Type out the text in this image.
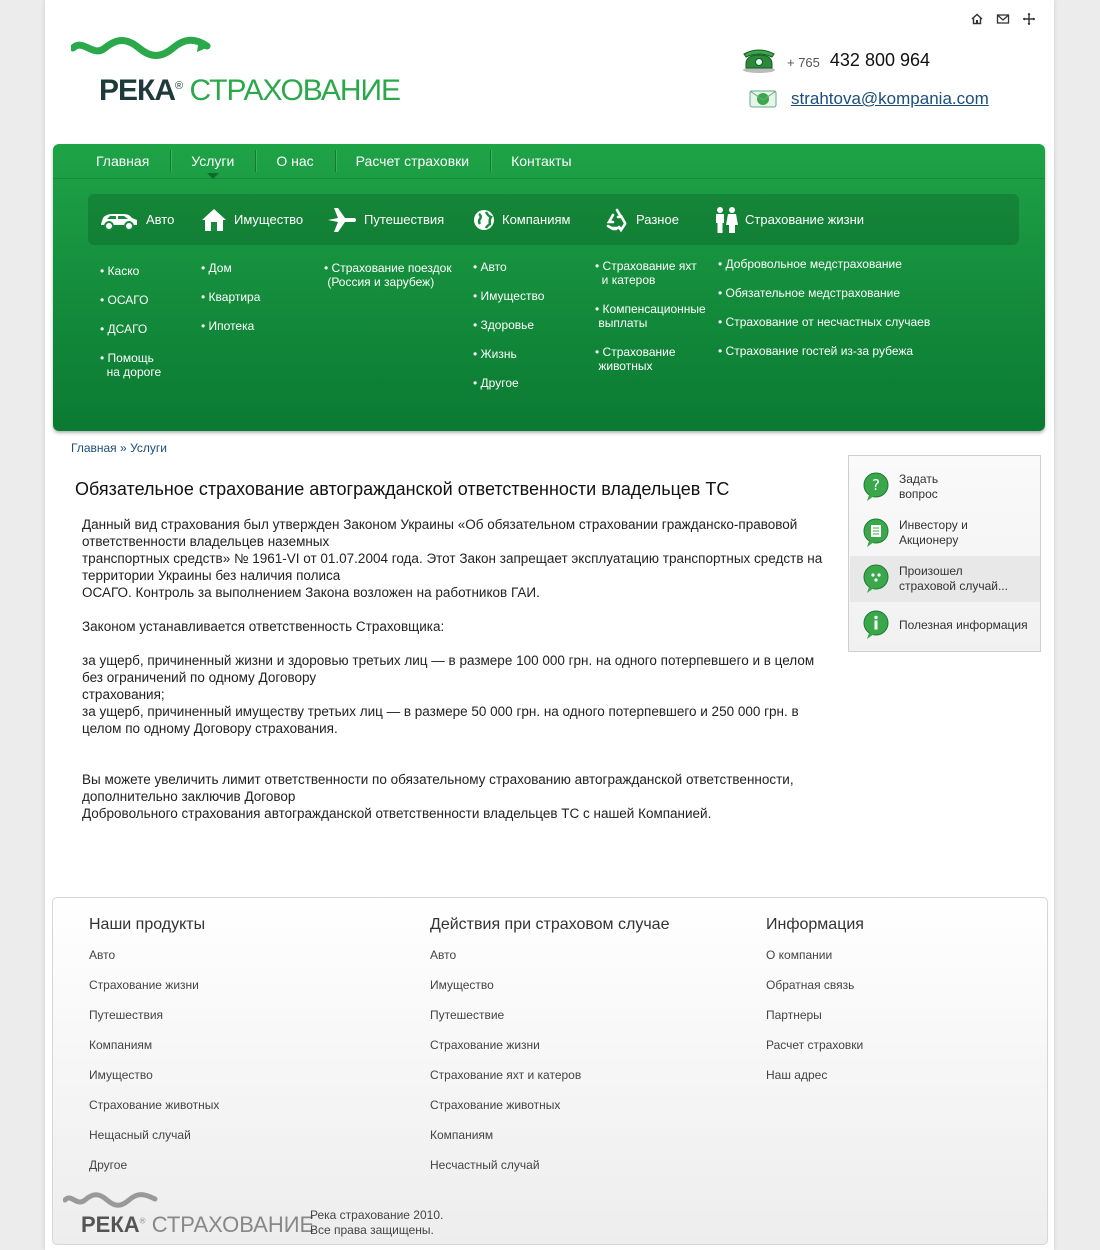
РЕКА® СТРАХОВАНИЕ
+ 765 432 800 964
strahtova@kompania.com
Главная	Услуги	О нас	Расчет страховки	Контакты
Авто	Имущество	Путешествия	Компаниям	Разное	Страхование жизни
• Каско
• ОСАГО
• ДСАГО
• Помощь
на дороге
• Дом
• Квартира
• Ипотека
• Страхование поездок
(Россия и зарубеж)
• Авто
• Имущество
• Здоровье
• Жизнь
• Другое
• Страхование яхт
и катеров
• Компенсационные
выплаты
• Страхование
животных
• Добровольное медстрахование
• Обязательное медстрахование
• Страхование от несчастных случаев
• Страхование гостей из-за рубежа
Главная » Услуги
Обязательное страхование автогражданской ответственности владельцев ТС

Данный вид страхования был утвержден Законом Украины «Об обязательном страховании гражданско-правовой ответственности владельцев наземных

транспортных средств» № 1961-VI от 01.07.2004 года. Этот Закон запрещает эксплуатацию транспортных средств на территории Украины без наличия полиса

ОСАГО. Контроль за выполнением Закона возложен на работников ГАИ.

Законом устанавливается ответственность Страховщика:

за ущерб, причиненный жизни и здоровью третьих лиц — в размере 100 000 грн. на одного потерпевшего и в целом без ограничений по одному Договору

страхования;

за ущерб, причиненный имуществу третьих лиц — в размере 50 000 грн. на одного потерпевшего и 250 000 грн. в целом по одному Договору страхования.

Вы можете увеличить лимит ответственности по обязательному страхованию автогражданской ответственности, дополнительно заключив Договор

Добровольного страхования автогражданской ответственности владельцев ТС с нашей Компанией.

? Задать
вопрос
Инвестору и
Акционеру
Произошел
страховой случай...
Полезная информация
Наши продукты
Авто
Страхование жизни
Путешествия
Компаниям
Имущество
Страхование животных
Нещасный случай
Другое
Действия при страховом случае
Авто
Имущество
Путешествие
Страхование жизни
Страхование яхт и катеров
Страхование животных
Компаниям
Несчастный случай
Информация
О компании
Обратная связь
Партнеры
Расчет страховки
Наш адрес
РЕКА® СТРАХОВАНИЕ
Река страхование 2010.
Все права защищены.
